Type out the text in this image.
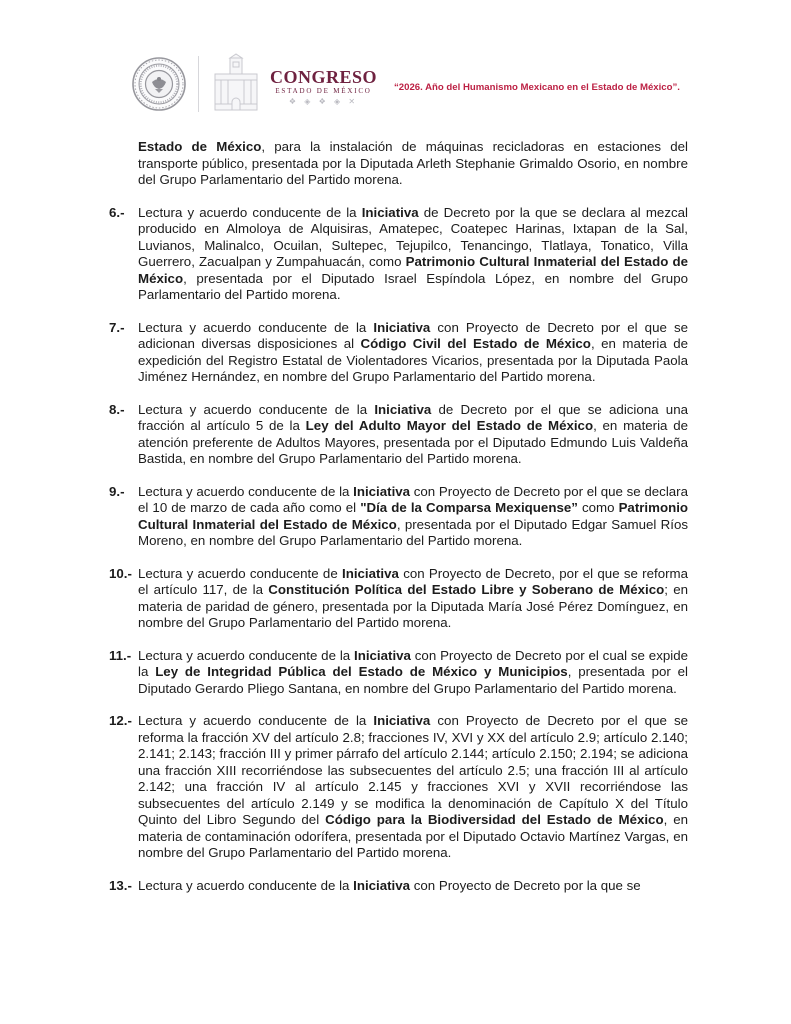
CONGRESO
ESTADO DE MÉXICO
❖ ◈ ❖ ◈ ✕
“2026. Año del Humanismo Mexicano en el Estado de México”.

Estado de México, para la instalación de máquinas recicladoras en estaciones del transporte público, presentada por la Diputada Arleth Stephanie Grimaldo Osorio, en nombre del Grupo Parlamentario del Partido morena.

6.- Lectura y acuerdo conducente de la Iniciativa de Decreto por la que se declara al mezcal producido en Almoloya de Alquisiras, Amatepec, Coatepec Harinas, Ixtapan de la Sal, Luvianos, Malinalco, Ocuilan, Sultepec, Tejupilco, Tenancingo, Tlatlaya, Tonatico, Villa Guerrero, Zacualpan y Zumpahuacán, como Patrimonio Cultural Inmaterial del Estado de México, presentada por el Diputado Israel Espíndola López, en nombre del Grupo Parlamentario del Partido morena.
7.- Lectura y acuerdo conducente de la Iniciativa con Proyecto de Decreto por el que se adicionan diversas disposiciones al Código Civil del Estado de México, en materia de expedición del Registro Estatal de Violentadores Vicarios, presentada por la Diputada Paola Jiménez Hernández, en nombre del Grupo Parlamentario del Partido morena.
8.- Lectura y acuerdo conducente de la Iniciativa de Decreto por el que se adiciona una fracción al artículo 5 de la Ley del Adulto Mayor del Estado de México, en materia de atención preferente de Adultos Mayores, presentada por el Diputado Edmundo Luis Valdeña Bastida, en nombre del Grupo Parlamentario del Partido morena.
9.- Lectura y acuerdo conducente de la Iniciativa con Proyecto de Decreto por el que se declara el 10 de marzo de cada año como el "Día de la Comparsa Mexiquense” como Patrimonio Cultural Inmaterial del Estado de México, presentada por el Diputado Edgar Samuel Ríos Moreno, en nombre del Grupo Parlamentario del Partido morena.
10.- Lectura y acuerdo conducente de Iniciativa con Proyecto de Decreto, por el que se reforma el artículo 117, de la Constitución Política del Estado Libre y Soberano de México; en materia de paridad de género, presentada por la Diputada María José Pérez Domínguez, en nombre del Grupo Parlamentario del Partido morena.
11.- Lectura y acuerdo conducente de la Iniciativa con Proyecto de Decreto por el cual se expide la Ley de Integridad Pública del Estado de México y Municipios, presentada por el Diputado Gerardo Pliego Santana, en nombre del Grupo Parlamentario del Partido morena.
12.- Lectura y acuerdo conducente de la Iniciativa con Proyecto de Decreto por el que se reforma la fracción XV del artículo 2.8; fracciones IV, XVI y XX del artículo 2.9; artículo 2.140; 2.141; 2.143; fracción III y primer párrafo del artículo 2.144; artículo 2.150; 2.194; se adiciona una fracción XIII recorriéndose las subsecuentes del artículo 2.5; una fracción III al artículo 2.142; una fracción IV al artículo 2.145 y fracciones XVI y XVII recorriéndose las subsecuentes del artículo 2.149 y se modifica la denominación de Capítulo X del Título Quinto del Libro Segundo del Código para la Biodiversidad del Estado de México, en materia de contaminación odorífera, presentada por el Diputado Octavio Martínez Vargas, en nombre del Grupo Parlamentario del Partido morena.
13.- Lectura y acuerdo conducente de la Iniciativa con Proyecto de Decreto por la que se
